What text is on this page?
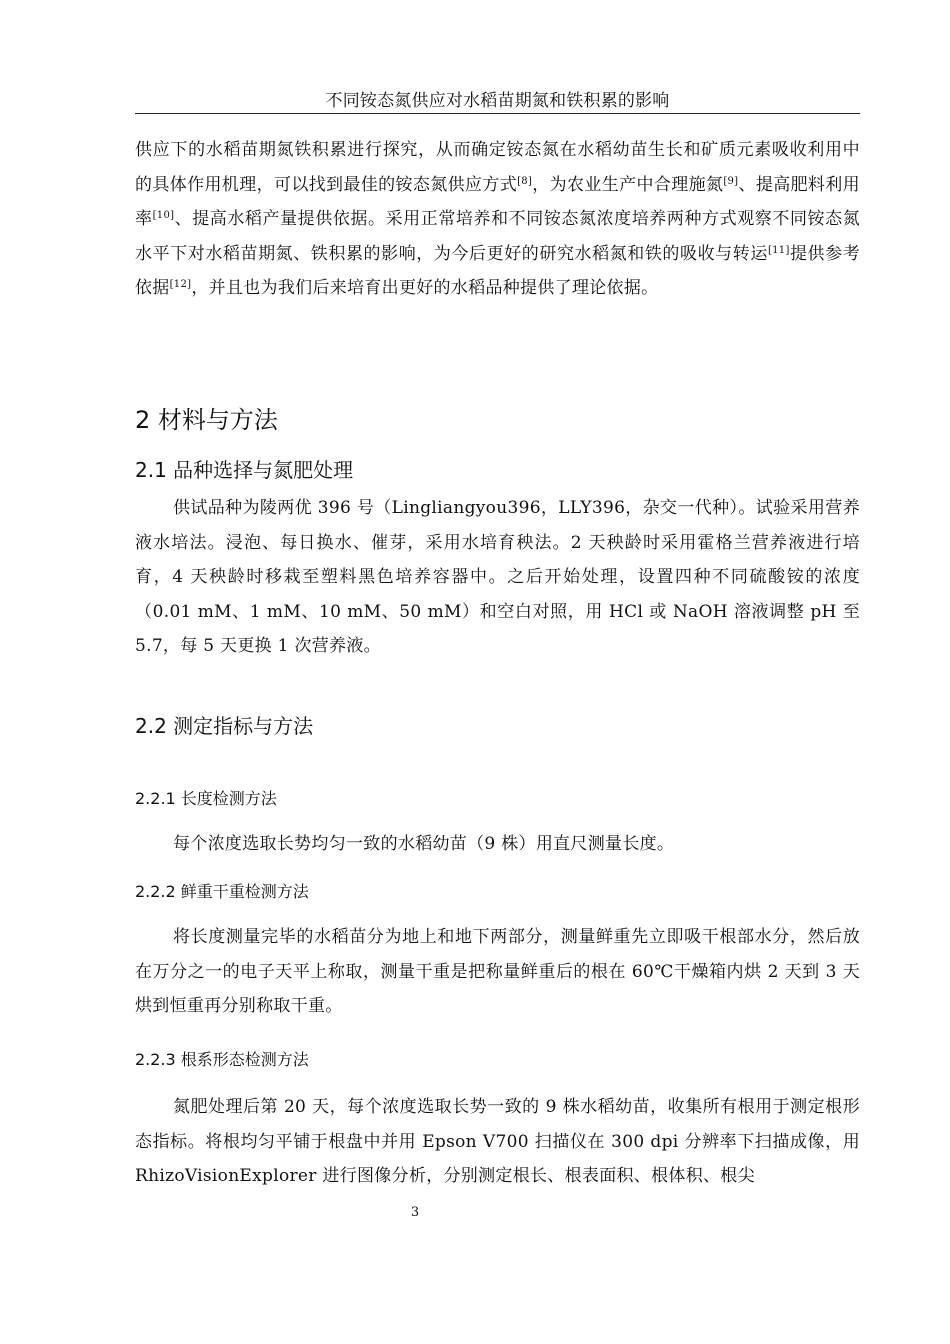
不同铵态氮供应对水稻苗期氮和铁积累的影响

供应下的水稻苗期氮铁积累进行探究，从而确定铵态氮在水稻幼苗生长和矿质元素吸收利用中的具体作用机理，可以找到最佳的铵态氮供应方式[8]，为农业生产中合理施氮[9]、提高肥料利用率[10]、提高水稻产量提供依据。采用正常培养和不同铵态氮浓度培养两种方式观察不同铵态氮水平下对水稻苗期氮、铁积累的影响，为今后更好的研究水稻氮和铁的吸收与转运[11]提供参考依据[12]，并且也为我们后来培育出更好的水稻品种提供了理论依据。

2 材料与方法
2.1 品种选择与氮肥处理

供试品种为陵两优 396 号（Lingliangyou396，LLY396，杂交一代种）。试验采用营养液水培法。浸泡、每日换水、催芽，采用水培育秧法。2 天秧龄时采用霍格兰营养液进行培育，4 天秧龄时移栽至塑料黑色培养容器中。之后开始处理，设置四种不同硫酸铵的浓度（0.01 mM、1 mM、10 mM、50 mM）和空白对照，用 HCl 或 NaOH 溶液调整 pH 至 5.7，每 5 天更换 1 次营养液。

2.2 测定指标与方法
2.2.1 长度检测方法

每个浓度选取长势均匀一致的水稻幼苗（9 株）用直尺测量长度。

2.2.2 鲜重干重检测方法

将长度测量完毕的水稻苗分为地上和地下两部分，测量鲜重先立即吸干根部水分，然后放在万分之一的电子天平上称取，测量干重是把称量鲜重后的根在 60℃干燥箱内烘 2 天到 3 天烘到恒重再分别称取干重。

2.2.3 根系形态检测方法

氮肥处理后第 20 天，每个浓度选取长势一致的 9 株水稻幼苗，收集所有根用于测定根形态指标。将根均匀平铺于根盘中并用 Epson V700 扫描仪在 300 dpi 分辨率下扫描成像，用 RhizoVisionExplorer 进行图像分析，分别测定根长、根表面积、根体积、根尖

3
